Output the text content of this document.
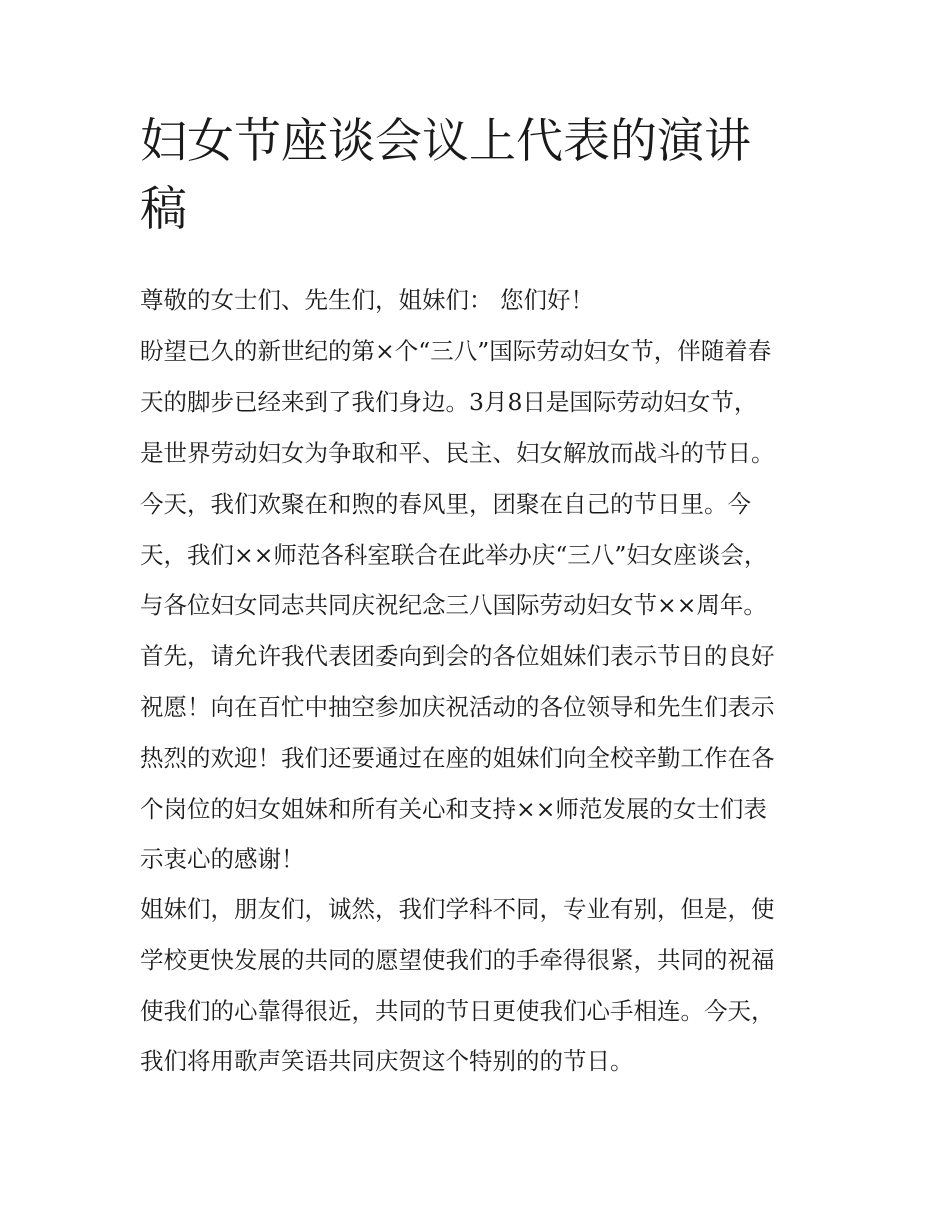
妇女节座谈会议上代表的演讲
稿

尊敬的女士们、先生们，姐妹们： 您们好！

盼望已久的新世纪的第×个“三八”国际劳动妇女节，伴随着春

天的脚步已经来到了我们身边。3月8日是国际劳动妇女节，

是世界劳动妇女为争取和平、民主、妇女解放而战斗的节日。

今天，我们欢聚在和煦的春风里，团聚在自己的节日里。今

天，我们××师范各科室联合在此举办庆“三八”妇女座谈会，

与各位妇女同志共同庆祝纪念三八国际劳动妇女节××周年。

首先，请允许我代表团委向到会的各位姐妹们表示节日的良好

祝愿！向在百忙中抽空参加庆祝活动的各位领导和先生们表示

热烈的欢迎！我们还要通过在座的姐妹们向全校辛勤工作在各

个岗位的妇女姐妹和所有关心和支持××师范发展的女士们表

示衷心的感谢！

姐妹们，朋友们，诚然，我们学科不同，专业有别，但是，使

学校更快发展的共同的愿望使我们的手牵得很紧，共同的祝福

使我们的心靠得很近，共同的节日更使我们心手相连。今天，

我们将用歌声笑语共同庆贺这个特别的的节日。
